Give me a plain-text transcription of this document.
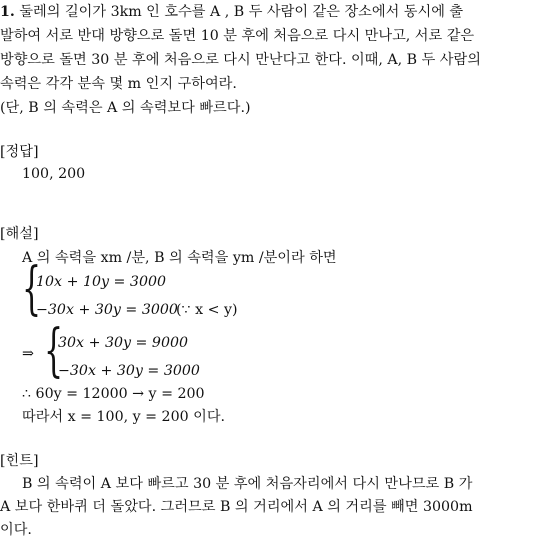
1. 둘레의 길이가 3km 인 호수를 A , B 두 사람이 같은 장소에서 동시에 출
발하여 서로 반대 방향으로 돌면 10 분 후에 처음으로 다시 만나고, 서로 같은
방향으로 돌면 30 분 후에 처음으로 다시 만난다고 한다. 이때, A, B 두 사람의
속력은 각각 분속 몇 m 인지 구하여라.
(단, B 의 속력은 A 의 속력보다 빠르다.)
[정답]
100, 200
[해설]
A 의 속력을 xm /분, B 의 속력을 ym /분이라 하면
{
10x + 10y = 3000
−30x + 30y = 3000
(∵ x < y)
⇒ {
30x + 30y = 9000
−30x + 30y = 3000
∴ 60y = 12000 → y = 200
따라서 x = 100, y = 200 이다.
[힌트]
B 의 속력이 A 보다 빠르고 30 분 후에 처음자리에서 다시 만나므로 B 가
A 보다 한바퀴 더 돌았다. 그러므로 B 의 거리에서 A 의 거리를 빼면 3000m
이다.
